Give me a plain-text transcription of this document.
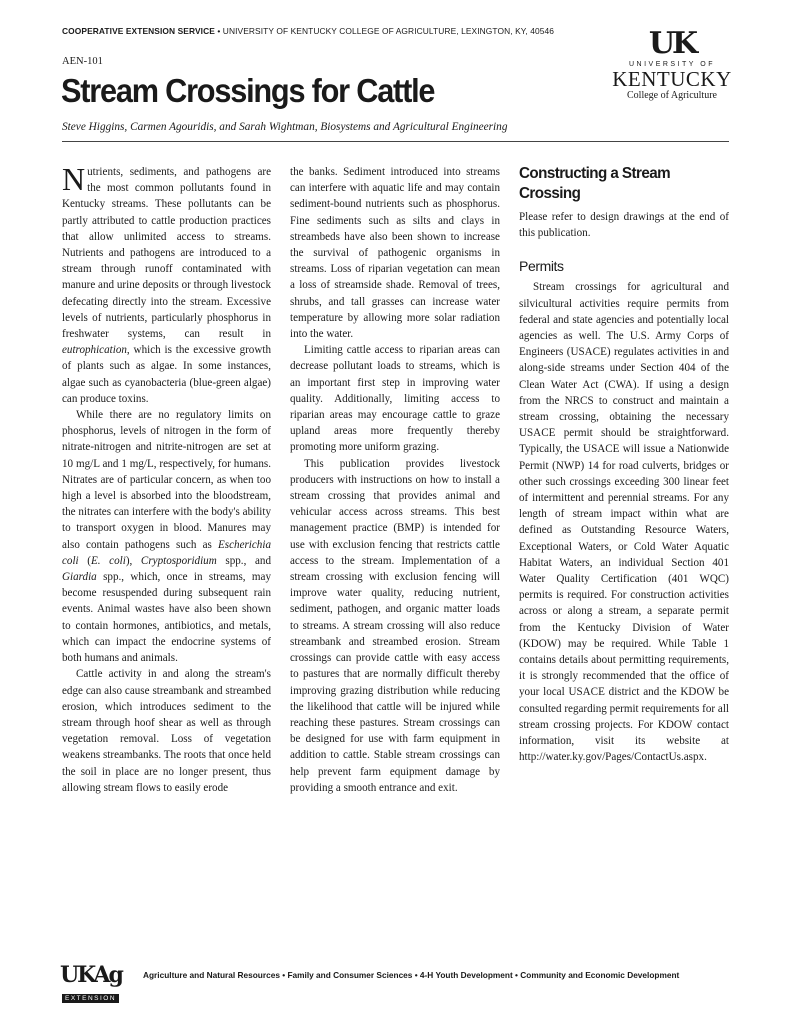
COOPERATIVE EXTENSION SERVICE • UNIVERSITY OF KENTUCKY COLLEGE OF AGRICULTURE, LEXINGTON, KY, 40546
AEN-101
Stream Crossings for Cattle
Steve Higgins, Carmen Agouridis, and Sarah Wightman, Biosystems and Agricultural Engineering
UK
UNIVERSITY OF
KENTUCKY
College of Agriculture

Nutrients, sediments, and pathogens are the most common pollutants found in Kentucky streams. These pollutants can be partly attributed to cattle production practices that allow unlimited access to streams. Nutrients and pathogens are introduced to a stream through runoff contaminated with manure and urine deposits or through livestock defecating directly into the stream. Excessive levels of nutrients, particularly phosphorus in freshwater systems, can result in eutrophication, which is the excessive growth of plants such as algae. In some instances, algae such as cyanobacteria (blue-green algae) can produce toxins.

While there are no regulatory limits on phosphorus, levels of nitrogen in the form of nitrate-nitrogen and nitrite-nitrogen are set at 10 mg/L and 1 mg/L, respectively, for humans. Nitrates are of particular concern, as when too high a level is absorbed into the bloodstream, the nitrates can interfere with the body's ability to transport oxygen in blood. Manures may also contain pathogens such as Escherichia coli (E. coli), Cryptosporidium spp., and Giardia spp., which, once in streams, may become resuspended during subsequent rain events. Animal wastes have also been shown to contain hormones, antibiotics, and metals, which can impact the endocrine systems of both humans and animals.

Cattle activity in and along the stream's edge can also cause streambank and streambed erosion, which introduces sediment to the stream through hoof shear as well as through vegetation removal. Loss of vegetation weakens streambanks. The roots that once held the soil in place are no longer present, thus allowing stream flows to easily erode

the banks. Sediment introduced into streams can interfere with aquatic life and may contain sediment-bound nutrients such as phosphorus. Fine sediments such as silts and clays in streambeds have also been shown to increase the survival of pathogenic organisms in streams. Loss of riparian vegetation can mean a loss of streamside shade. Removal of trees, shrubs, and tall grasses can increase water temperature by allowing more solar radiation into the water.

Limiting cattle access to riparian areas can decrease pollutant loads to streams, which is an important first step in improving water quality. Additionally, limiting access to riparian areas may encourage cattle to graze upland areas more frequently thereby promoting more uniform grazing.

This publication provides livestock producers with instructions on how to install a stream crossing that provides animal and vehicular access across streams. This best management practice (BMP) is intended for use with exclusion fencing that restricts cattle access to the stream. Implementation of a stream crossing with exclusion fencing will improve water quality, reducing nutrient, sediment, pathogen, and organic matter loads to streams. A stream crossing will also reduce streambank and streambed erosion. Stream crossings can provide cattle with easy access to pastures that are normally difficult thereby improving grazing distribution while reducing the likelihood that cattle will be injured while reaching these pastures. Stream crossings can be designed for use with farm equipment in addition to cattle. Stable stream crossings can help prevent farm equipment damage by providing a smooth entrance and exit.

Constructing a Stream Crossing

Please refer to design drawings at the end of this publication.

Permits

Stream crossings for agricultural and silvicultural activities require permits from federal and state agencies and potentially local agencies as well. The U.S. Army Corps of Engineers (USACE) regulates activities in and along-side streams under Section 404 of the Clean Water Act (CWA). If using a design from the NRCS to construct and maintain a stream crossing, obtaining the necessary USACE permit should be straightforward. Typically, the USACE will issue a Nationwide Permit (NWP) 14 for road culverts, bridges or other such crossings exceeding 300 linear feet of intermittent and perennial streams. For any length of stream impact within what are defined as Outstanding Resource Waters, Exceptional Waters, or Cold Water Aquatic Habitat Waters, an individual Section 401 Water Quality Certification (401 WQC) permits is required. For construction activities across or along a stream, a separate permit from the Kentucky Division of Water (KDOW) may be required. While Table 1 contains details about permitting requirements, it is strongly recommended that the office of your local USACE district and the KDOW be consulted regarding permit requirements for all stream crossing projects. For KDOW contact information, visit its website at http://water.ky.gov/Pages/ContactUs.aspx.

UKAg
EXTENSION
Agriculture and Natural Resources • Family and Consumer Sciences • 4-H Youth Development • Community and Economic Development
